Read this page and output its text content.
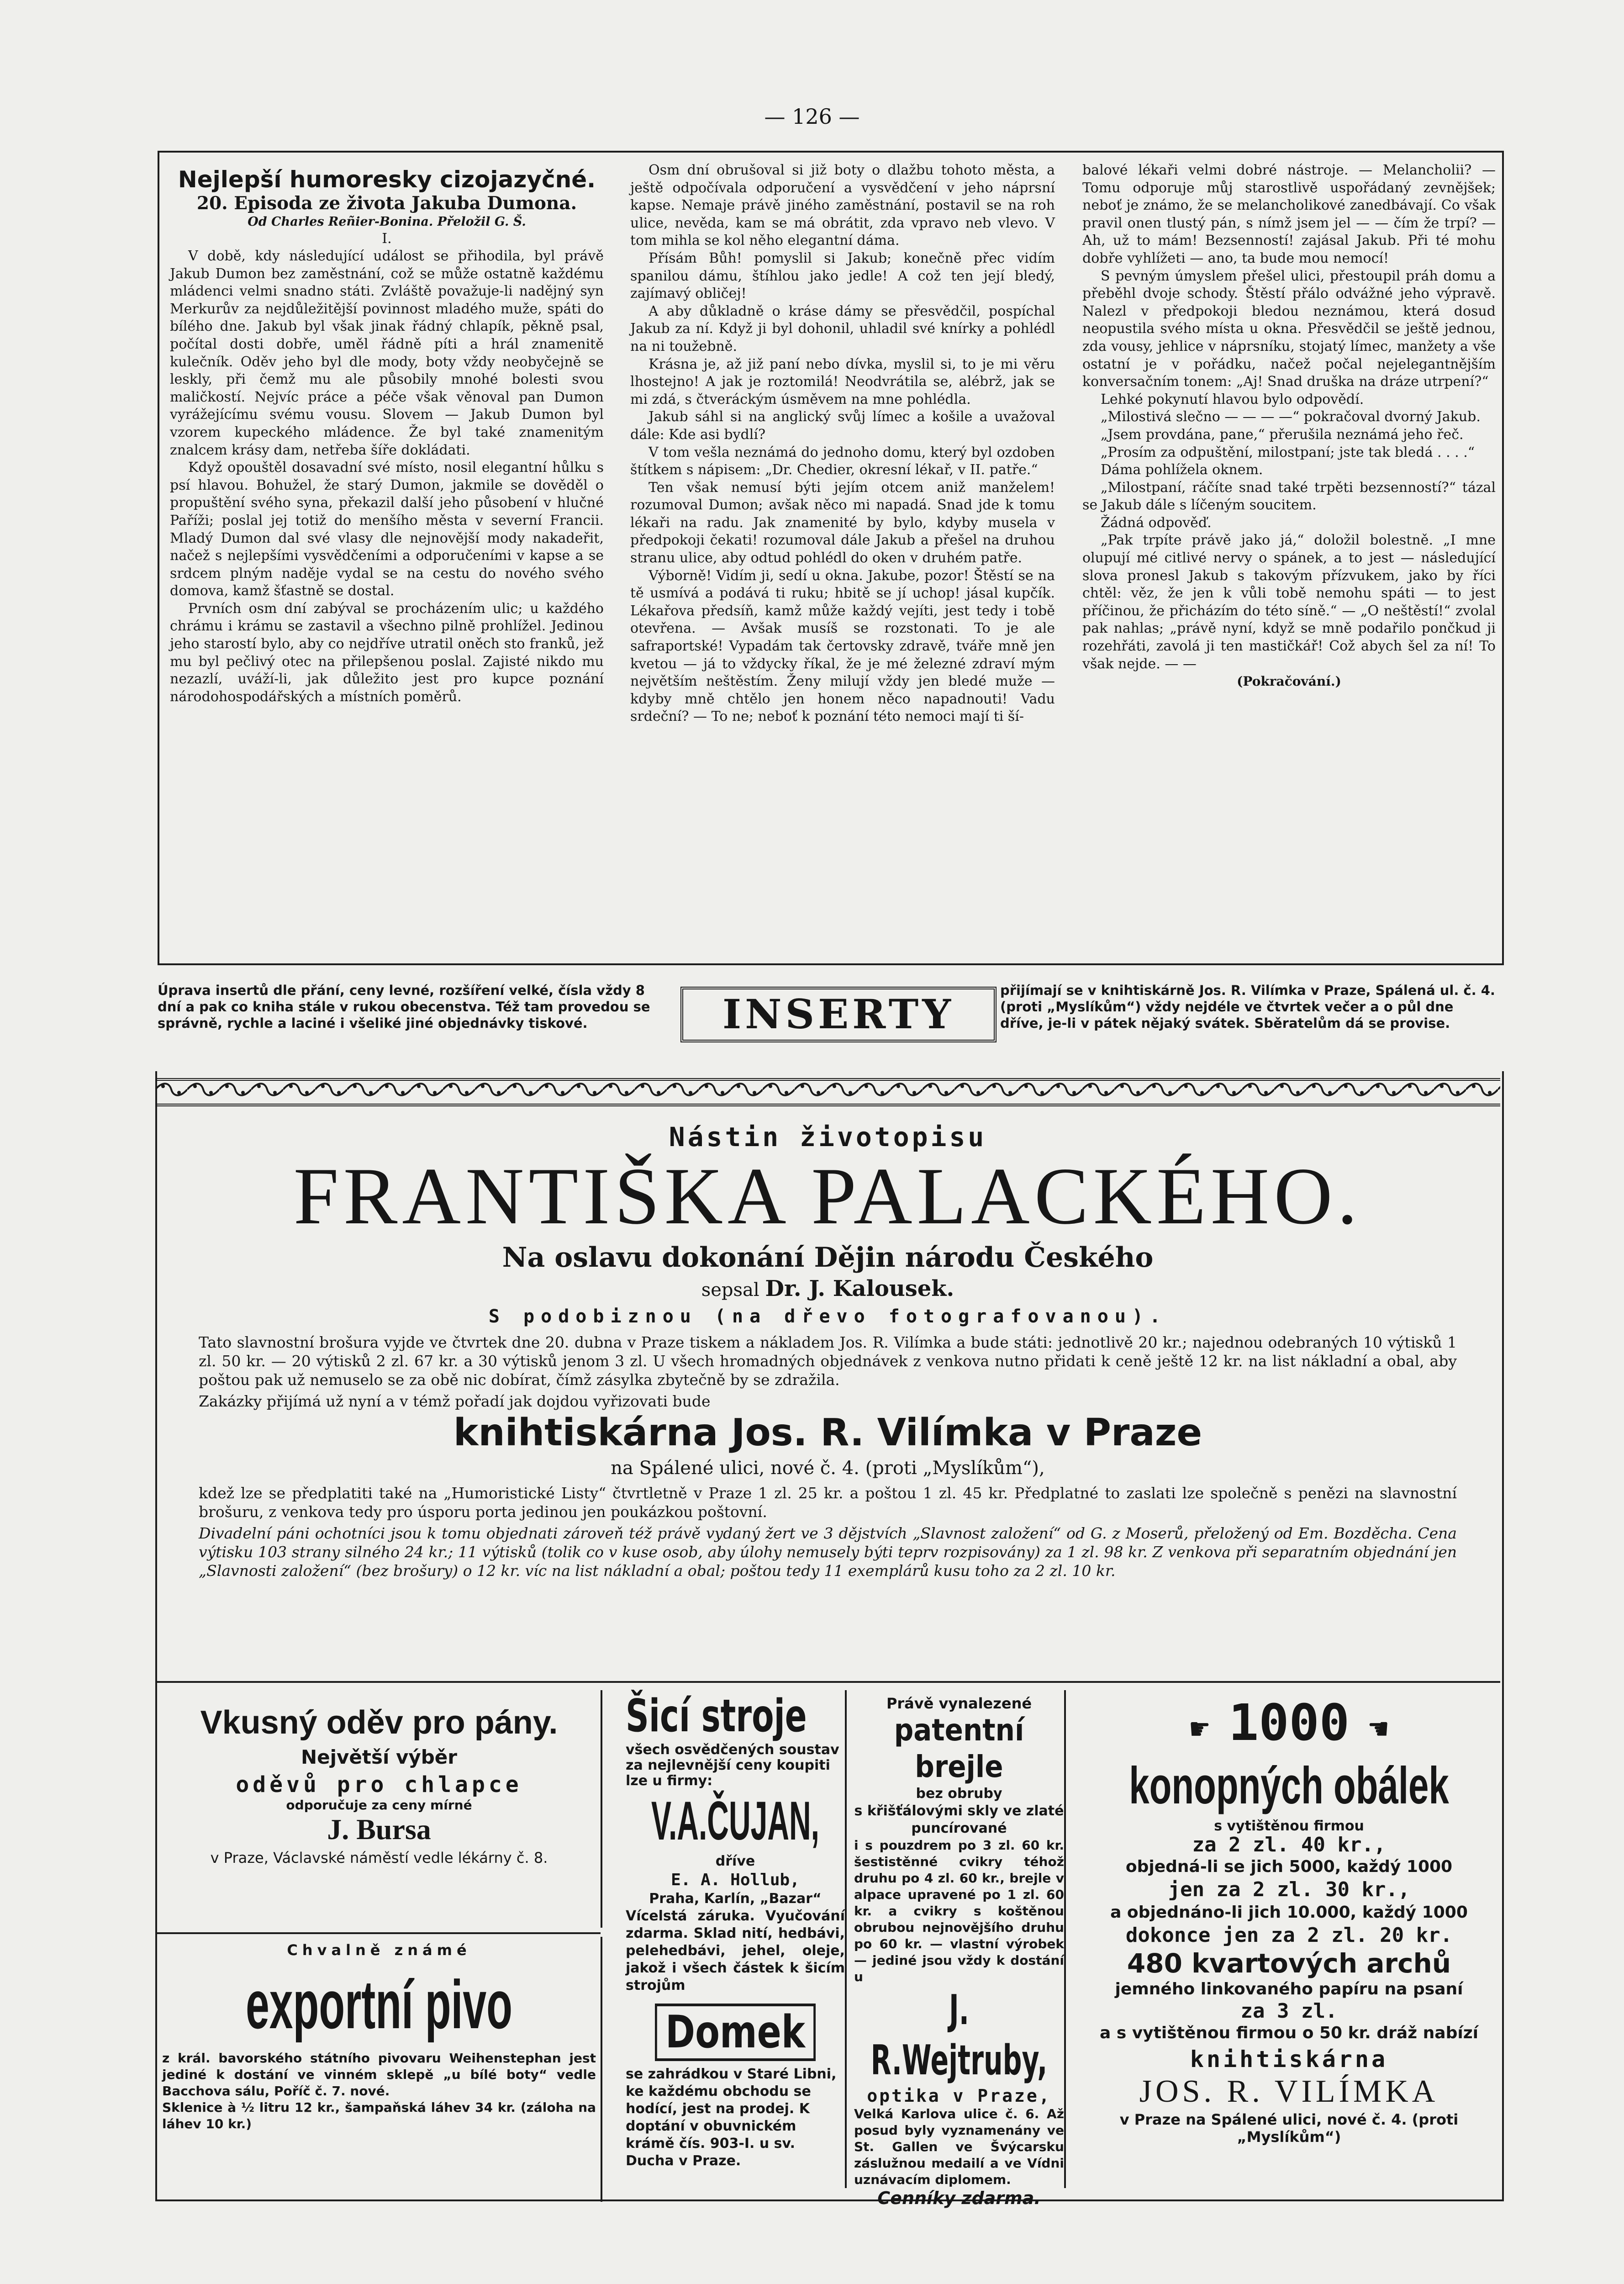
— 126 —
Nejlepší humoresky cizojazyčné.
20. Episoda ze života Jakuba Dumona.
Od Charles Reñier-Bonina. Přeložil G. Š.
I.

V době, kdy následující událost se přihodila, byl právě Jakub Dumon bez zaměstnání, což se může ostatně každému mládenci velmi snadno státi. Zvláště považuje-li nadějný syn Merkurův za nejdůležitější povinnost mladého muže, spáti do bílého dne. Jakub byl však jinak řádný chlapík, pěkně psal, počítal dosti dobře, uměl řádně píti a hrál znamenitě kulečník. Oděv jeho byl dle mody, boty vždy neobyčejně se leskly, při čemž mu ale působily mnohé bolesti svou maličkostí. Nejvíc práce a péče však věnoval pan Dumon vyrážejícímu svému vousu. Slovem — Jakub Dumon byl vzorem kupeckého mládence. Že byl také znamenitým znalcem krásy dam, netřeba šíře dokládati.

Když opouštěl dosavadní své místo, nosil elegantní hůlku s psí hlavou. Bohužel, že starý Dumon, jakmile se dověděl o propuštění svého syna, překazil další jeho působení v hlučné Paříži; poslal jej totiž do menšího města v severní Francii. Mladý Dumon dal své vlasy dle nejnovější mody nakadeřit, načež s nejlepšími vysvědčeními a odporučeními v kapse a se srdcem plným naděje vydal se na cestu do nového svého domova, kamž šťastně se dostal.

Prvních osm dní zabýval se procházením ulic; u každého chrámu i krámu se zastavil a všechno pilně prohlížel. Jedinou jeho starostí bylo, aby co nejdříve utratil oněch sto franků, jež mu byl pečlivý otec na přilepšenou poslal. Zajisté nikdo mu nezazlí, uváží-li, jak důležito jest pro kupce poznání národohospodářských a místních poměrů.

Osm dní obrušoval si již boty o dlažbu tohoto města, a ještě odpočívala odporučení a vysvědčení v jeho náprsní kapse. Nemaje právě jiného zaměstnání, postavil se na roh ulice, nevěda, kam se má obrátit, zda vpravo neb vlevo. V tom mihla se kol něho elegantní dáma.

Přísám Bůh! pomyslil si Jakub; konečně přec vidím spanilou dámu, štíhlou jako jedle! A což ten její bledý, zajímavý obličej!

A aby důkladně o kráse dámy se přesvědčil, pospíchal Jakub za ní. Když ji byl dohonil, uhladil své knírky a pohlédl na ni toužebně.

Krásna je, až již paní nebo dívka, myslil si, to je mi věru lhostejno! A jak je roztomilá! Neodvrátila se, alébrž, jak se mi zdá, s čtveráckým úsměvem na mne pohlédla.

Jakub sáhl si na anglický svůj límec a košile a uvažoval dále: Kde asi bydlí?

V tom vešla neznámá do jednoho domu, který byl ozdoben štítkem s nápisem: „Dr. Chedier, okresní lékař, v II. patře.“

Ten však nemusí býti jejím otcem aniž manželem! rozumoval Dumon; avšak něco mi napadá. Snad jde k tomu lékaři na radu. Jak znamenité by bylo, kdyby musela v předpokoji čekati! rozumoval dále Jakub a přešel na druhou stranu ulice, aby odtud pohlédl do oken v druhém patře.

Výborně! Vidím ji, sedí u okna. Jakube, pozor! Štěstí se na tě usmívá a podává ti ruku; hbitě se jí uchop! jásal kupčík. Lékařova předsíň, kamž může každý vejíti, jest tedy i tobě otevřena. — Avšak musíš se rozstonati. To je ale safraportské! Vypadám tak čertovsky zdravě, tváře mně jen kvetou — já to vždycky říkal, že je mé železné zdraví mým největším neštěstím. Ženy milují vždy jen bledé muže — kdyby mně chtělo jen honem něco napadnouti! Vadu srdeční? — To ne; neboť k poznání této nemoci mají ti ší-

balové lékaři velmi dobré nástroje. — Melancholii? — Tomu odporuje můj starostlivě uspořádaný zevnějšek; neboť je známo, že se melancholikové zanedbávají. Co však pravil onen tlustý pán, s nímž jsem jel — — čím že trpí? — Ah, už to mám! Bezsenností! zajásal Jakub. Při té mohu dobře vyhlížeti — ano, ta bude mou nemocí!

S pevným úmyslem přešel ulici, přestoupil práh domu a přeběhl dvoje schody. Štěstí přálo odvážné jeho výpravě. Nalezl v předpokoji bledou neznámou, která dosud neopustila svého místa u okna. Přesvědčil se ještě jednou, zda vousy, jehlice v náprsníku, stojatý límec, manžety a vše ostatní je v pořádku, načež počal nejelegantnějším konversačním tonem: „Aj! Snad druška na dráze utrpení?“

Lehké pokynutí hlavou bylo odpovědí.

„Milostivá slečno — — — —“ pokračoval dvorný Jakub.

„Jsem provdána, pane,“ přerušila neznámá jeho řeč.

„Prosím za odpuštění, milostpaní; jste tak bledá . . . .“

Dáma pohlížela oknem.

„Milostpaní, ráčíte snad také trpěti bezsenností?“ tázal se Jakub dále s líčeným soucitem.

Žádná odpověď.

„Pak trpíte právě jako já,“ doložil bolestně. „I mne olupují mé citlivé nervy o spánek, a to jest — následující slova pronesl Jakub s takovým přízvukem, jako by říci chtěl: věz, že jen k vůli tobě nemohu spáti — to jest příčinou, že přicházím do této síně.“ — „O neštěstí!“ zvolal pak nahlas; „právě nyní, když se mně podařilo pončkud ji rozehřáti, zavolá ji ten mastičkář! Což abych šel za ní! To však nejde. — —

(Pokračování.)
Úprava insertů dle přání, ceny levné, rozšíření velké, čísla vždy 8 dní a pak co kniha stále v rukou obecenstva. Též tam provedou se správně, rychle a laciné i všeliké jiné objednávky tiskové.	INSERTY	přijímají se v knihtiskárně Jos. R. Vilímka v Praze, Spálená ul. č. 4. (proti „Myslíkům“) vždy nejdéle ve čtvrtek večer a o půl dne dříve, je-li v pátek nějaký svátek. Sběratelům dá se provise.
Nástin životopisu
FRANTIŠKA PALACKÉHO.
Na oslavu dokonání Dějin národu Českého
sepsal Dr. J. Kalousek.
S podobiznou (na dřevo fotografovanou).
Tato slavnostní brošura vyjde ve čtvrtek dne 20. dubna v Praze tiskem a nákladem Jos. R. Vilímka a bude státi: jednotlivě 20 kr.; najednou odebraných 10 výtisků 1 zl. 50 kr. — 20 výtisků 2 zl. 67 kr. a 30 výtisků jenom 3 zl. U všech hromadných objednávek z venkova nutno přidati k ceně ještě 12 kr. na list nákladní a obal, aby poštou pak už nemuselo se za obě nic dobírat, čímž zásylka zbytečně by se zdražila.
Zakázky přijímá už nyní a v témž pořadí jak dojdou vyřizovati bude
knihtiskárna Jos. R. Vilímka v Praze
na Spálené ulici, nové č. 4. (proti „Myslíkům“),
kdež lze se předplatiti také na „Humoristické Listy“ čtvrtletně v Praze 1 zl. 25 kr. a poštou 1 zl. 45 kr. Předplatné to zaslati lze společně s penězi na slavnostní brošuru, z venkova tedy pro úsporu porta jedinou jen poukázkou poštovní.
Divadelní páni ochotníci jsou k tomu objednati zároveň též právě vydaný žert ve 3 dějstvích „Slavnost založení“ od G. z Moserů, přeložený od Em. Bozděcha. Cena výtisku 103 strany silného 24 kr.; 11 výtisků (tolik co v kuse osob, aby úlohy nemusely býti teprv rozpisovány) za 1 zl. 98 kr. Z venkova při separatním objednání jen „Slavnosti založení“ (bez brošury) o 12 kr. víc na list nákladní a obal; poštou tedy 11 exemplárů kusu toho za 2 zl. 10 kr.
Vkusný oděv pro pány.
Největší výběr
oděvů pro chlapce
odporučuje za ceny mírné
J. Bursa
v Praze, Václavské náměstí vedle lékárny č. 8.
Chvalně známé
exportní pivo
z král. bavorského státního pivovaru Weihenstephan jest jediné k dostání ve vinném sklepě „u bílé boty“ vedle Bacchova sálu, Poříč č. 7. nové.
Sklenice à ½ litru 12 kr., šampaňská láhev 34 kr. (záloha na láhev 10 kr.)
Šicí stroje
všech osvědčených soustav za nejlevnější ceny koupiti lze u firmy:
V.A.ČUJAN,
dříve
E. A. Hollub,
Praha, Karlín, „Bazar“
Vícelstá záruka. Vyučování zdarma. Sklad nití, hedbávi, pelehedbávi, jehel, oleje, jakož i všech částek k šicím strojům
Domek
se zahrádkou v Staré Libni, ke každému obchodu se hodící, jest na prodej. K doptání v obuvnickém krámě čís. 903-I. u sv. Ducha v Praze.
Právě vynalezené
patentní brejle
bez obruby
s křišťálovými skly ve zlaté puncírované
i s pouzdrem po 3 zl. 60 kr. šestistěnné cvikry téhož druhu po 4 zl. 60 kr., brejle v alpace upravené po 1 zl. 60 kr. a cvikry s koštěnou obrubou nejnovějšího druhu po 60 kr. — vlastní výrobek — jediné jsou vždy k dostání u
J. R.Wejtruby,
optika v Praze,
Velká Karlova ulice č. 6. Až posud byly vyznamenány ve St. Gallen ve Švýcarsku záslužnou medailí a ve Vídni uznávacím diplomem.
Cenníky zdarma.
☛ 1000 ☚
konopných obálek
s vytištěnou firmou
za 2 zl. 40 kr.,
objedná-li se jich 5000, každý 1000
jen za 2 zl. 30 kr.,
a objednáno-li jich 10.000, každý 1000
dokonce jen za 2 zl. 20 kr.
480 kvartových archů
jemného linkovaného papíru na psaní
za 3 zl.
a s vytištěnou firmou o 50 kr. dráž nabízí
knihtiskárna
JOS. R. VILÍMKA
v Praze na Spálené ulici, nové č. 4. (proti „Myslíkům“)
